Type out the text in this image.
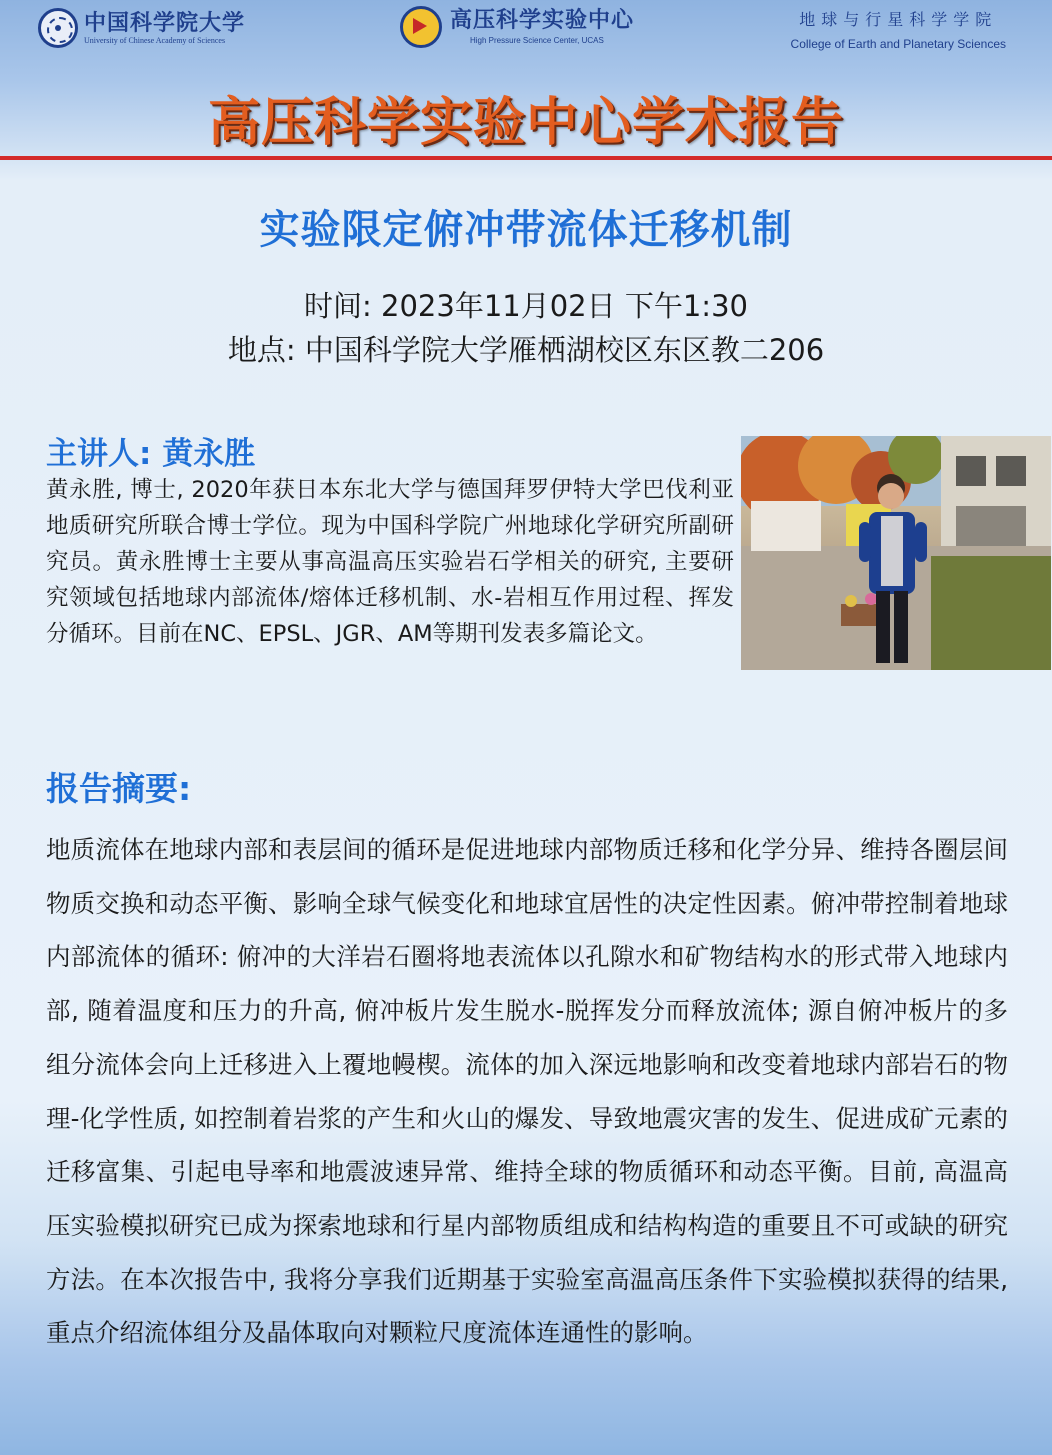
中国科学院大学
University of Chinese Academy of Sciences
高压科学实验中心
High Pressure Science Center, UCAS
地球与行星科学学院
College of Earth and Planetary Sciences
高压科学实验中心学术报告
实验限定俯冲带流体迁移机制
时间: 2023年11月02日 下午1:30
地点: 中国科学院大学雁栖湖校区东区教二206
主讲人: 黄永胜
黄永胜, 博士, 2020年获日本东北大学与德国拜罗伊特大学巴伐利亚地质研究所联合博士学位。现为中国科学院广州地球化学研究所副研究员。黄永胜博士主要从事高温高压实验岩石学相关的研究, 主要研究领域包括地球内部流体/熔体迁移机制、水-岩相互作用过程、挥发分循环。目前在NC、EPSL、JGR、AM等期刊发表多篇论文。
报告摘要:
地质流体在地球内部和表层间的循环是促进地球内部物质迁移和化学分异、维持各圈层间物质交换和动态平衡、影响全球气候变化和地球宜居性的决定性因素。俯冲带控制着地球内部流体的循环: 俯冲的大洋岩石圈将地表流体以孔隙水和矿物结构水的形式带入地球内部, 随着温度和压力的升高, 俯冲板片发生脱水-脱挥发分而释放流体; 源自俯冲板片的多组分流体会向上迁移进入上覆地幔楔。流体的加入深远地影响和改变着地球内部岩石的物理-化学性质, 如控制着岩浆的产生和火山的爆发、导致地震灾害的发生、促进成矿元素的迁移富集、引起电导率和地震波速异常、维持全球的物质循环和动态平衡。目前, 高温高压实验模拟研究已成为探索地球和行星内部物质组成和结构构造的重要且不可或缺的研究方法。在本次报告中, 我将分享我们近期基于实验室高温高压条件下实验模拟获得的结果, 重点介绍流体组分及晶体取向对颗粒尺度流体连通性的影响。
